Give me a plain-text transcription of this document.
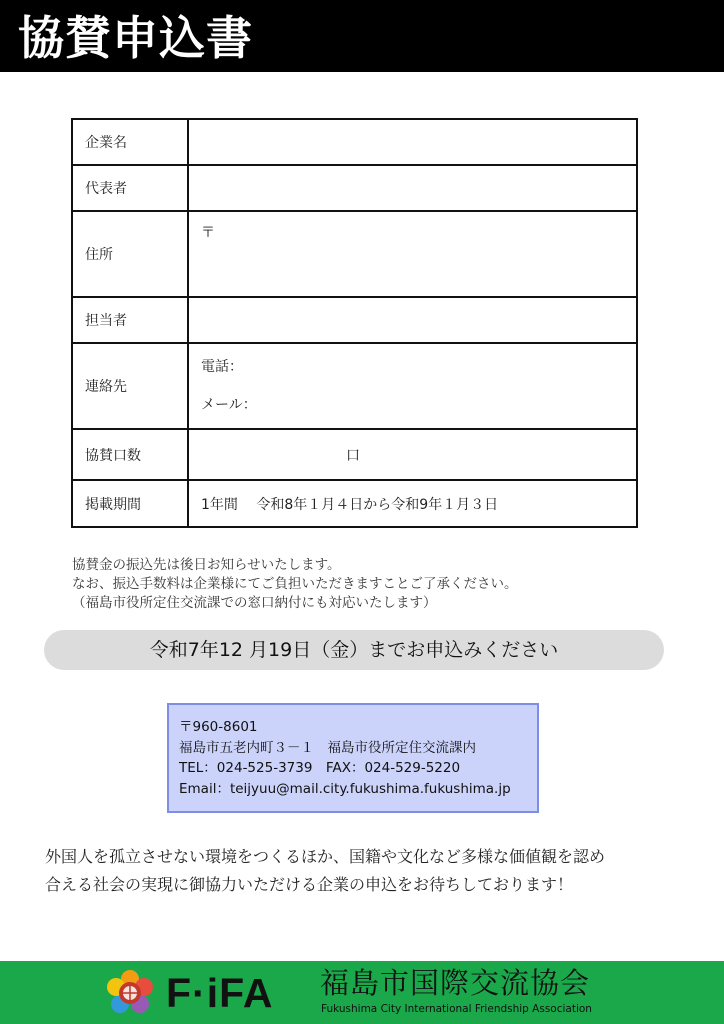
協賛申込書
企業名	
代表者	
住所	〒
担当者	
連絡先	電話：
メール：

協賛口数	口
掲載期間	1年間　 令和8年１月４日から令和9年１月３日
協賛金の振込先は後日お知らせいたします。
なお、振込手数料は企業様にてご負担いただきますことご了承ください。
（福島市役所定住交流課での窓口納付にも対応いたします）
令和7年12 月19日（金）までお申込みください
〒960-8601
福島市五老内町３－１　福島市役所定住交流課内
TEL：024-525-3739　FAX：024-529-5220
Email：teijyuu@mail.city.fukushima.fukushima.jp
外国人を孤立させない環境をつくるほか、国籍や文化など多様な価値観を認め
合える社会の実現に御協力いただける企業の申込をお待ちしております！
F·iFA 福島市国際交流協会
Fukushima City International Friendship Association
